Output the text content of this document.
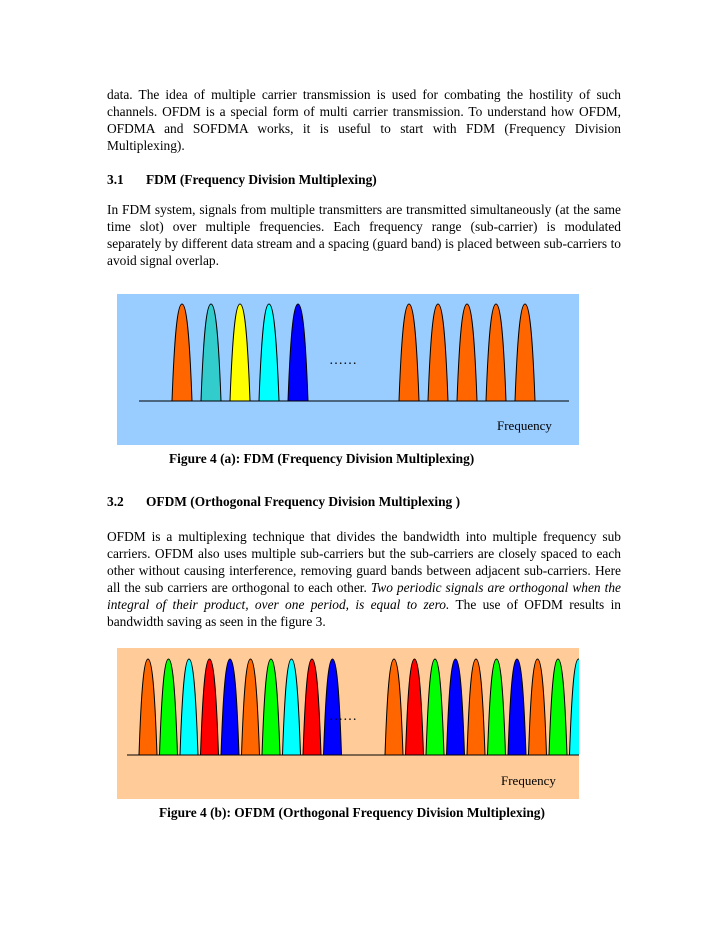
data. The idea of multiple carrier transmission is used for combating the hostility of such channels. OFDM is a special form of multi carrier transmission. To understand how OFDM, OFDMA and SOFDMA works, it is useful to start with FDM (Frequency Division Multiplexing).

3.1 FDM (Frequency Division Multiplexing)

In FDM system, signals from multiple transmitters are transmitted simultaneously (at the same time slot) over multiple frequencies. Each frequency range (sub-carrier) is modulated separately by different data stream and a spacing (guard band) is placed between sub-carriers to avoid signal overlap.

……
Frequency

Figure 4 (a): FDM (Frequency Division Multiplexing)

3.2 OFDM (Orthogonal Frequency Division Multiplexing )

OFDM is a multiplexing technique that divides the bandwidth into multiple frequency sub carriers. OFDM also uses multiple sub-carriers but the sub-carriers are closely spaced to each other without causing interference, removing guard bands between adjacent sub-carriers. Here all the sub carriers are orthogonal to each other. Two periodic signals are orthogonal when the integral of their product, over one period, is equal to zero. The use of OFDM results in bandwidth saving as seen in the figure 3.

……
Frequency

Figure 4 (b): OFDM (Orthogonal Frequency Division Multiplexing)
